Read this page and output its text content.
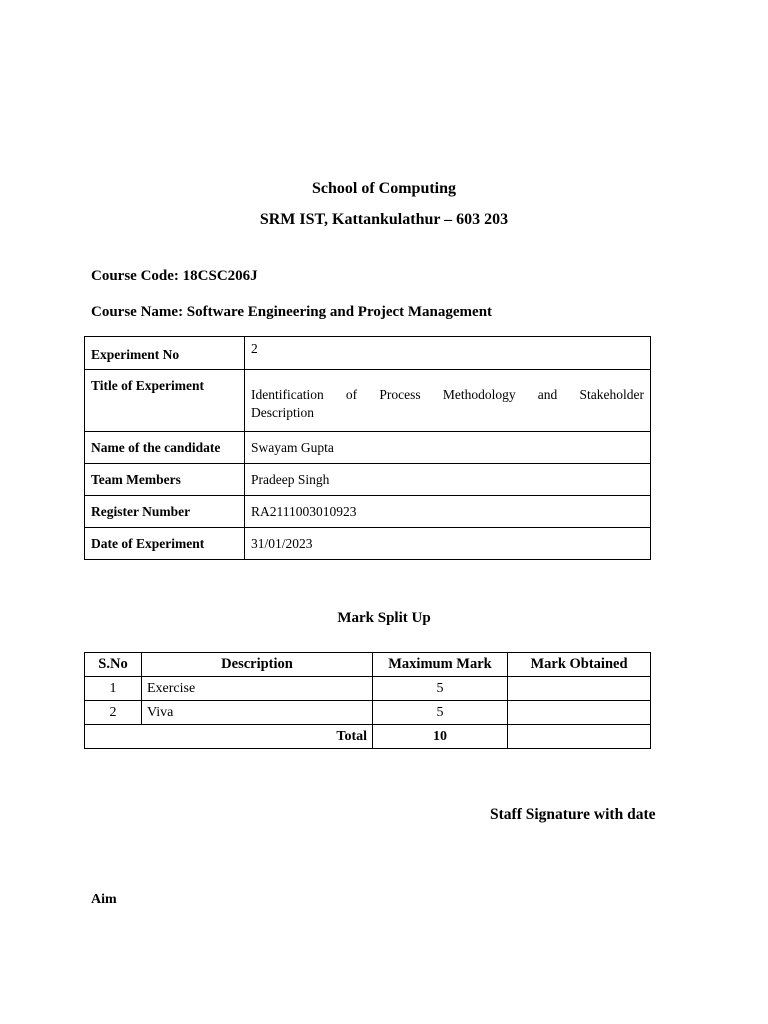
School of Computing
SRM IST, Kattankulathur – 603 203
Course Code: 18CSC206J
Course Name: Software Engineering and Project Management
Experiment No	2

Title of Experiment	Identification of Process Methodology and Stakeholder
Description

Name of the candidate	Swayam Gupta

Team Members	Pradeep Singh

Register Number	RA2111003010923

Date of Experiment	31/01/2023
Mark Split Up
S.No	Description	Maximum Mark	Mark Obtained
1	Exercise	5	
2	Viva	5	
Total		10	
Staff Signature with date
Aim
